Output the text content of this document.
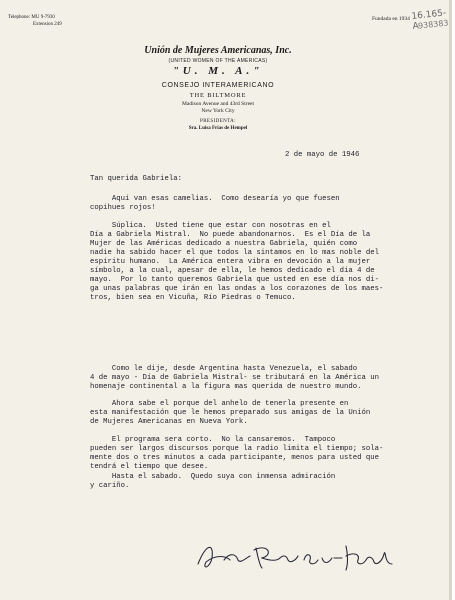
Telephone: MU 9-7930
Extension 249
Fundada en 1934 16.165-A
938383
Unión de Mujeres Americanas, Inc.
(UNITED WOMEN OF THE AMERICAS)
"U. M. A."
CONSEJO INTERAMERICANO
THE BILTMORE
Madison Avenue and 43rd Street
New York City
PRESIDENTA:
Sra. Luisa Frías de Hempel
2 de mayo de 1946
Tan querida Gabriela:
Aquí van esas camelias.  Como desearía yo que fuesen
copihues rojos!
Súplica.  Usted tiene que estar con nosotras en el
Día a Gabriela Mistral.  No puede abandonarnos.  Es el Día de la
Mujer de las Américas dedicado a nuestra Gabriela, quién como
nadie ha sabido hacer el que todos la sintamos en lo mas noble del
espíritu humano.  La América entera vibra en devoción a la mujer
símbolo, a la cual, apesar de ella, le hemos dedicado el día 4 de
mayo.  Por lo tanto queremos Gabriela que usted en ese día nos di-
ga unas palabras que irán en las ondas a los corazones de los maes-
tros, bien sea en Vicuña, Río Piedras o Temuco.
Como le dije, desde Argentina hasta Venezuela, el sabado
4 de mayo - Día de Gabriela Mistral- se tributará en la América un
homenaje continental a la figura mas querida de nuestro mundo.
Ahora sabe el porque del anhelo de tenerla presente en
esta manifestación que le hemos preparado sus amigas de la Unión
de Mujeres Americanas en Nueva York.
El programa sera corto.  No la cansaremos.  Tampoco
pueden ser largos discursos porque la radio limita el tiempo; sola-
mente dos o tres minutos a cada participante, menos para usted que
tendrá el tiempo que desee.
Hasta el sabado.  Quedo suya con inmensa admiración
y cariño.
